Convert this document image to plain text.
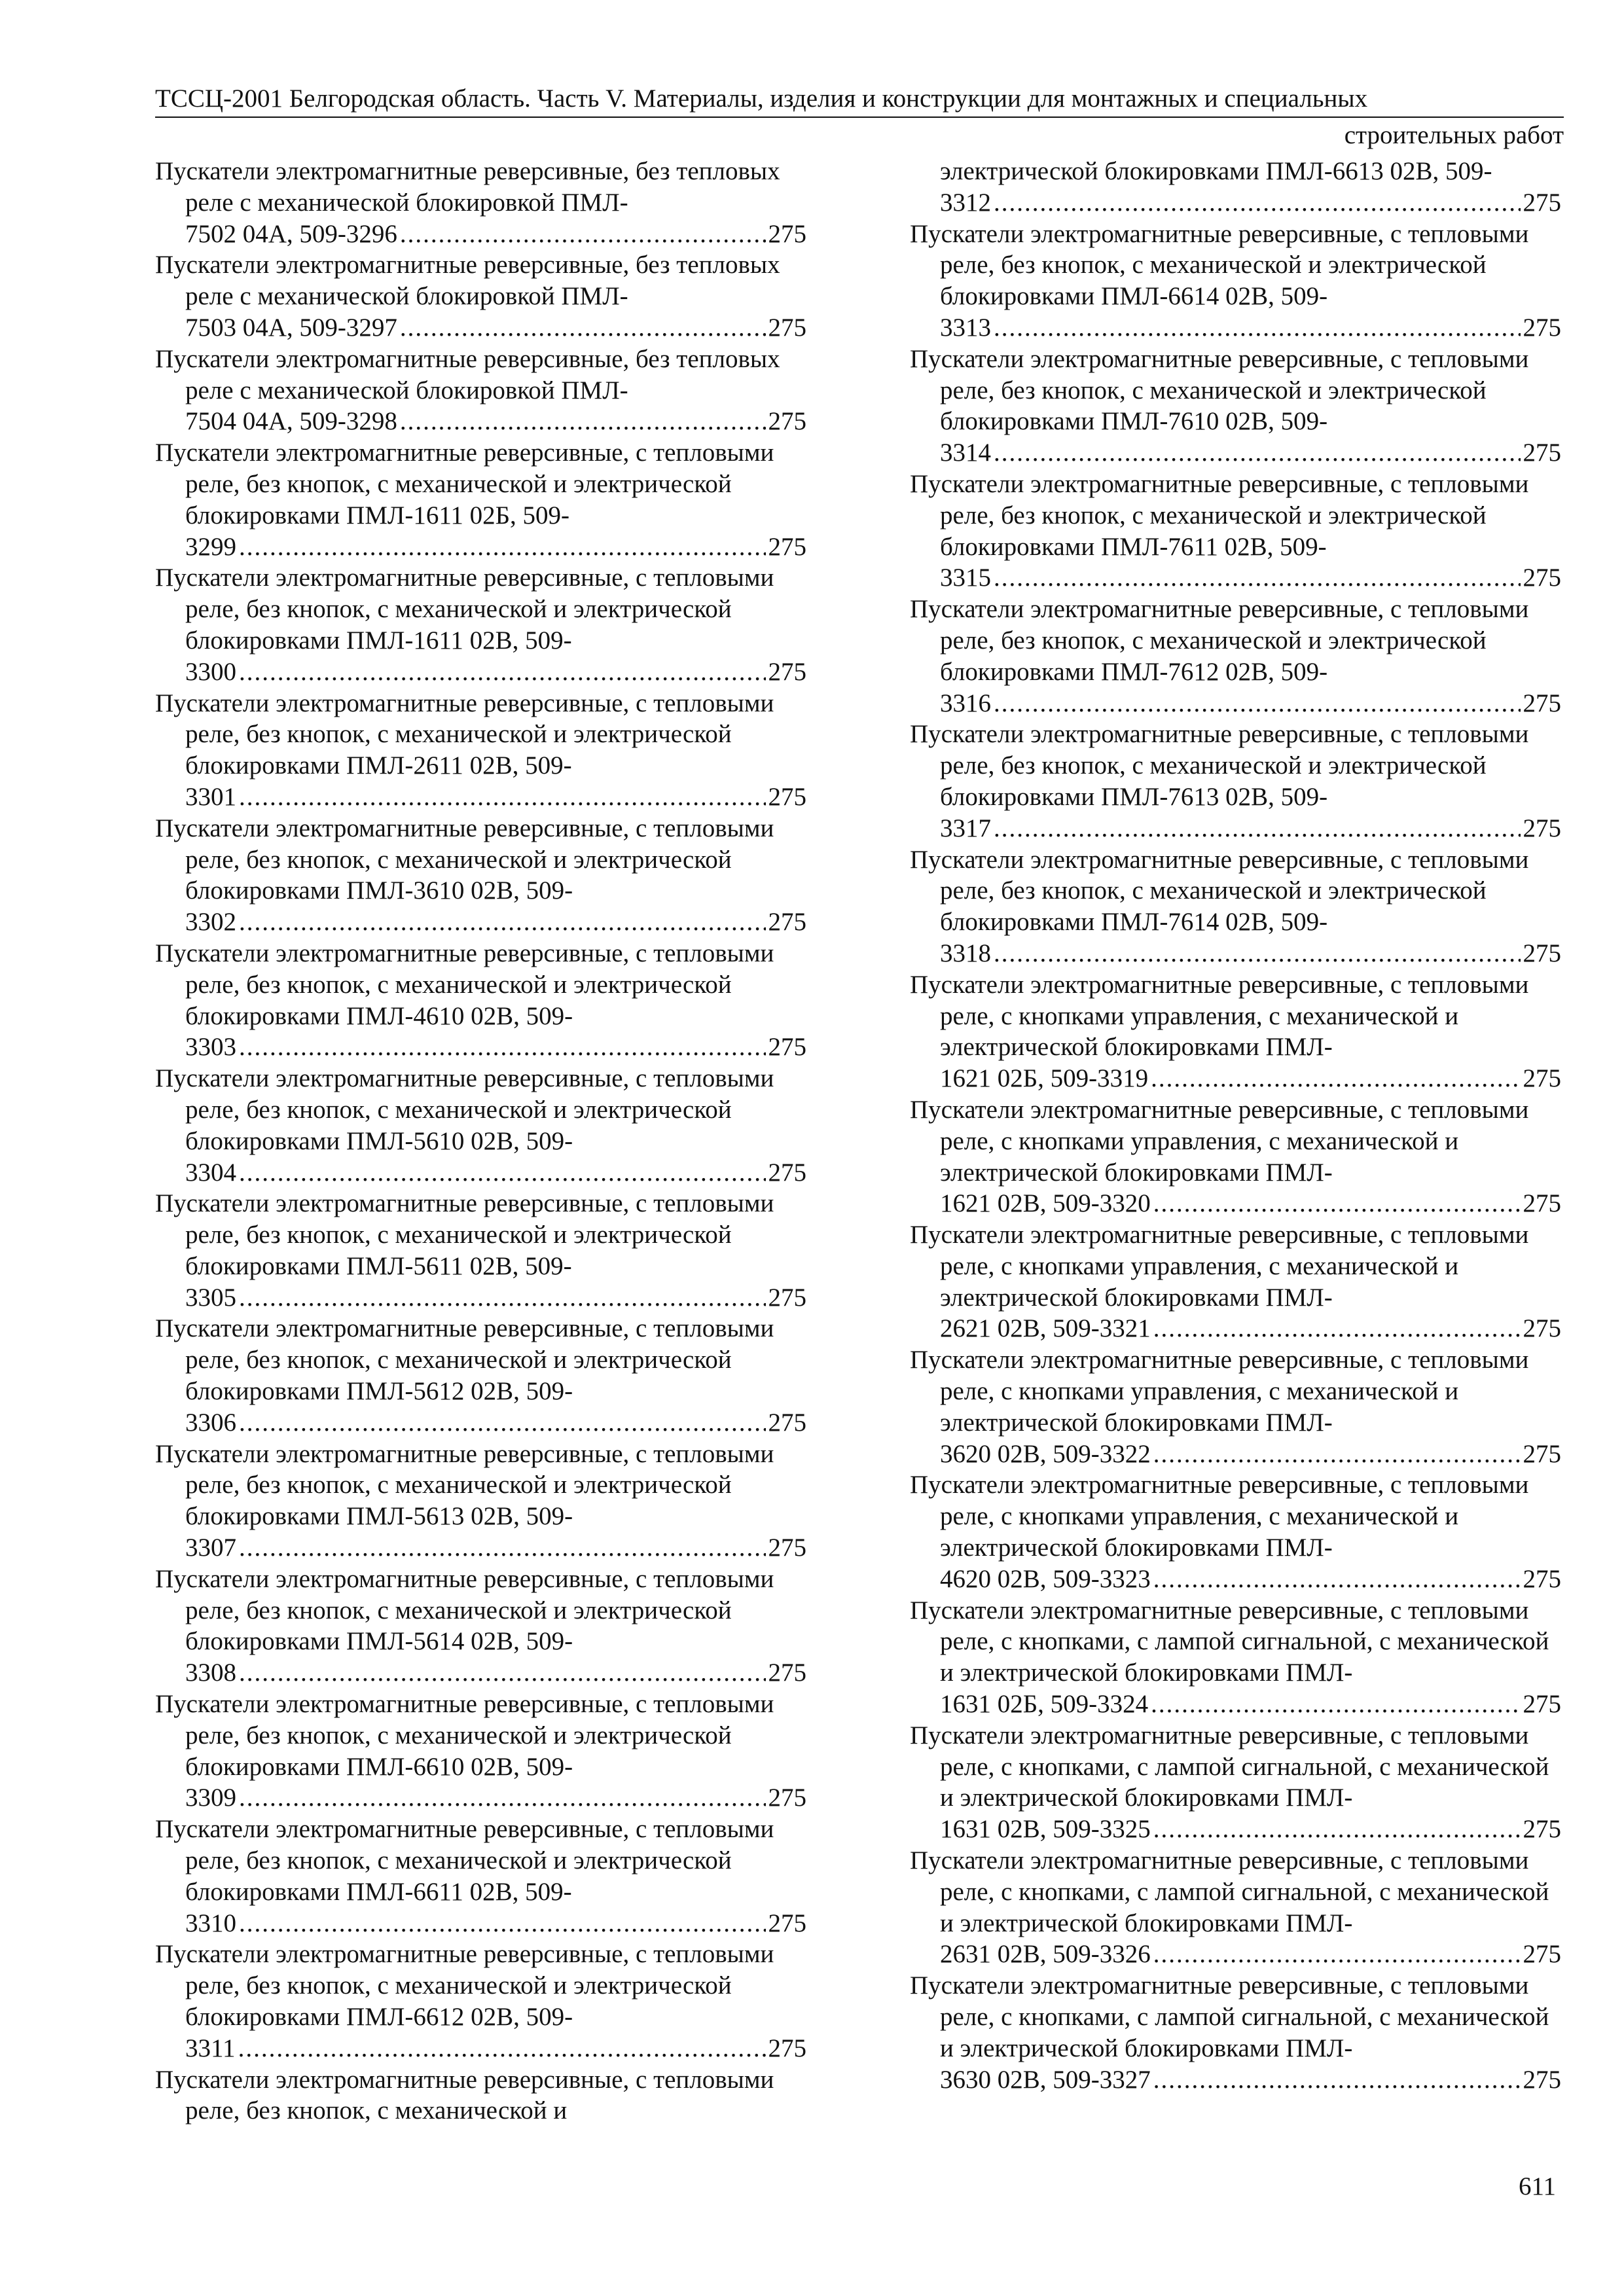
ТССЦ-2001 Белгородская область. Часть V. Материалы, изделия и конструкции для монтажных и специальных
строительных работ
Пускатели электромагнитные реверсивные, без тепловых реле с механической блокировкой ПМЛ-
7502 04А, 509-3296 .....	275
Пускатели электромагнитные реверсивные, без тепловых реле с механической блокировкой ПМЛ-
7503 04А, 509-3297 .....	275
Пускатели электромагнитные реверсивные, без тепловых реле с механической блокировкой ПМЛ-
7504 04А, 509-3298 .....	275
Пускатели электромагнитные реверсивные, с тепловыми реле, без кнопок, с механической и электрической блокировками ПМЛ-1611 02Б, 509-
3299 .....	275
Пускатели электромагнитные реверсивные, с тепловыми реле, без кнопок, с механической и электрической блокировками ПМЛ-1611 02В, 509-
3300 .....	275
Пускатели электромагнитные реверсивные, с тепловыми реле, без кнопок, с механической и электрической блокировками ПМЛ-2611 02В, 509-
3301 .....	275
Пускатели электромагнитные реверсивные, с тепловыми реле, без кнопок, с механической и электрической блокировками ПМЛ-3610 02В, 509-
3302 .....	275
Пускатели электромагнитные реверсивные, с тепловыми реле, без кнопок, с механической и электрической блокировками ПМЛ-4610 02В, 509-
3303 .....	275
Пускатели электромагнитные реверсивные, с тепловыми реле, без кнопок, с механической и электрической блокировками ПМЛ-5610 02В, 509-
3304 .....	275
Пускатели электромагнитные реверсивные, с тепловыми реле, без кнопок, с механической и электрической блокировками ПМЛ-5611 02В, 509-
3305 .....	275
Пускатели электромагнитные реверсивные, с тепловыми реле, без кнопок, с механической и электрической блокировками ПМЛ-5612 02В, 509-
3306 .....	275
Пускатели электромагнитные реверсивные, с тепловыми реле, без кнопок, с механической и электрической блокировками ПМЛ-5613 02В, 509-
3307 .....	275
Пускатели электромагнитные реверсивные, с тепловыми реле, без кнопок, с механической и электрической блокировками ПМЛ-5614 02В, 509-
3308 .....	275
Пускатели электромагнитные реверсивные, с тепловыми реле, без кнопок, с механической и электрической блокировками ПМЛ-6610 02В, 509-
3309 .....	275
Пускатели электромагнитные реверсивные, с тепловыми реле, без кнопок, с механической и электрической блокировками ПМЛ-6611 02В, 509-
3310 .....	275
Пускатели электромагнитные реверсивные, с тепловыми реле, без кнопок, с механической и электрической блокировками ПМЛ-6612 02В, 509-
3311 .....	275
Пускатели электромагнитные реверсивные, с тепловыми реле, без кнопок, с механической и
электрической блокировками ПМЛ-6613 02В, 509-
3312 .....	275
Пускатели электромагнитные реверсивные, с тепловыми реле, без кнопок, с механической и электрической блокировками ПМЛ-6614 02В, 509-
3313 .....	275
Пускатели электромагнитные реверсивные, с тепловыми реле, без кнопок, с механической и электрической блокировками ПМЛ-7610 02В, 509-
3314 .....	275
Пускатели электромагнитные реверсивные, с тепловыми реле, без кнопок, с механической и электрической блокировками ПМЛ-7611 02В, 509-
3315 .....	275
Пускатели электромагнитные реверсивные, с тепловыми реле, без кнопок, с механической и электрической блокировками ПМЛ-7612 02В, 509-
3316 .....	275
Пускатели электромагнитные реверсивные, с тепловыми реле, без кнопок, с механической и электрической блокировками ПМЛ-7613 02В, 509-
3317 .....	275
Пускатели электромагнитные реверсивные, с тепловыми реле, без кнопок, с механической и электрической блокировками ПМЛ-7614 02В, 509-
3318 .....	275
Пускатели электромагнитные реверсивные, с тепловыми реле, с кнопками управления, с механической и электрической блокировками ПМЛ-
1621 02Б, 509-3319 .....	275
Пускатели электромагнитные реверсивные, с тепловыми реле, с кнопками управления, с механической и электрической блокировками ПМЛ-
1621 02В, 509-3320 .....	275
Пускатели электромагнитные реверсивные, с тепловыми реле, с кнопками управления, с механической и электрической блокировками ПМЛ-
2621 02В, 509-3321 .....	275
Пускатели электромагнитные реверсивные, с тепловыми реле, с кнопками управления, с механической и электрической блокировками ПМЛ-
3620 02В, 509-3322 .....	275
Пускатели электромагнитные реверсивные, с тепловыми реле, с кнопками управления, с механической и электрической блокировками ПМЛ-
4620 02В, 509-3323 .....	275
Пускатели электромагнитные реверсивные, с тепловыми реле, с кнопками, с лампой сигнальной, с механической и электрической блокировками ПМЛ-
1631 02Б, 509-3324 .....	275
Пускатели электромагнитные реверсивные, с тепловыми реле, с кнопками, с лампой сигнальной, с механической и электрической блокировками ПМЛ-
1631 02В, 509-3325 .....	275
Пускатели электромагнитные реверсивные, с тепловыми реле, с кнопками, с лампой сигнальной, с механической и электрической блокировками ПМЛ-
2631 02В, 509-3326 .....	275
Пускатели электромагнитные реверсивные, с тепловыми реле, с кнопками, с лампой сигнальной, с механической и электрической блокировками ПМЛ-
3630 02В, 509-3327 .....	275
611
